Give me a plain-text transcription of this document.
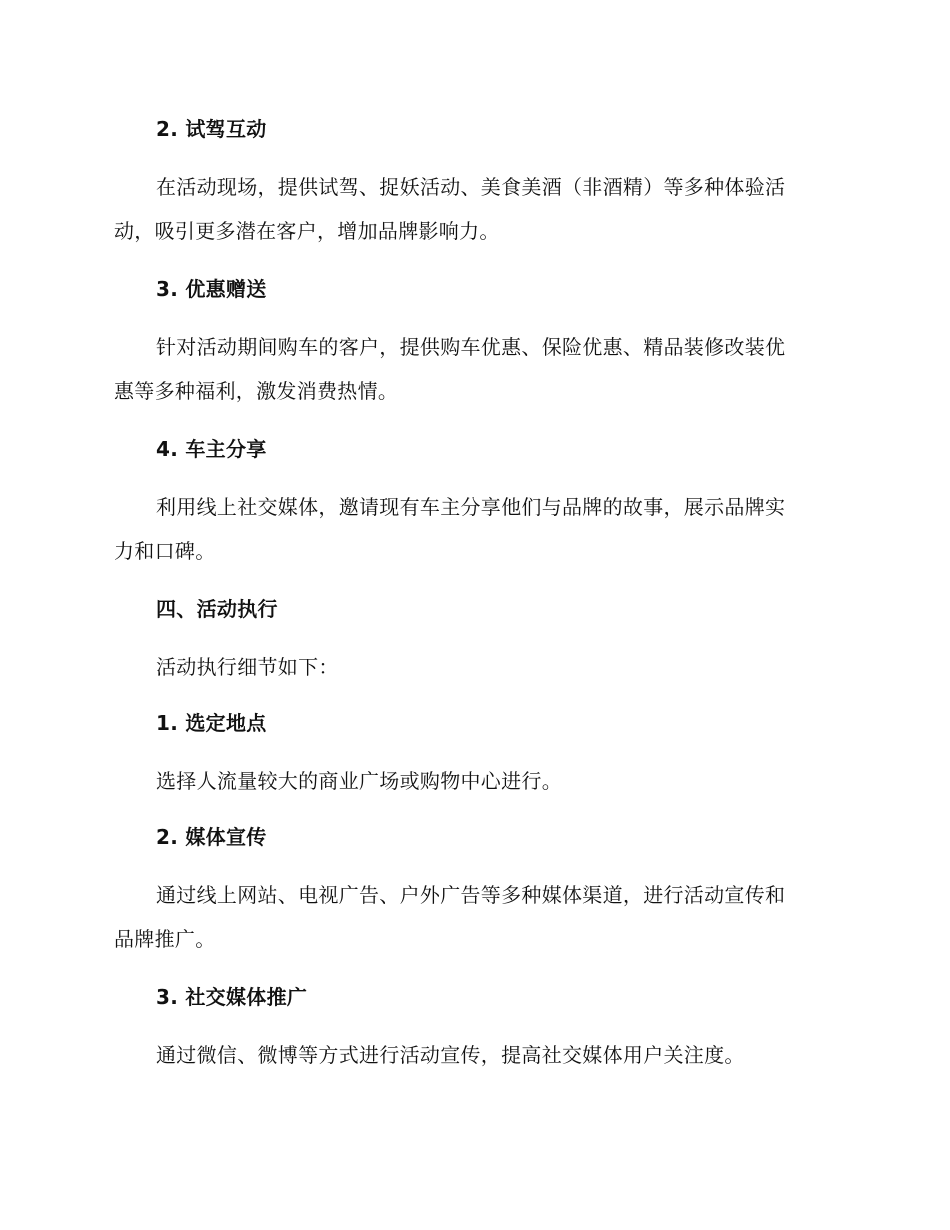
2. 试驾互动
在活动现场，提供试驾、捉妖活动、美食美酒（非酒精）等多种体验活
动，吸引更多潜在客户，增加品牌影响力。
3. 优惠赠送
针对活动期间购车的客户，提供购车优惠、保险优惠、精品装修改装优
惠等多种福利，激发消费热情。
4. 车主分享
利用线上社交媒体，邀请现有车主分享他们与品牌的故事，展示品牌实
力和口碑。
四、活动执行
活动执行细节如下：
1. 选定地点
选择人流量较大的商业广场或购物中心进行。
2. 媒体宣传
通过线上网站、电视广告、户外广告等多种媒体渠道，进行活动宣传和
品牌推广。
3. 社交媒体推广
通过微信、微博等方式进行活动宣传，提高社交媒体用户关注度。
